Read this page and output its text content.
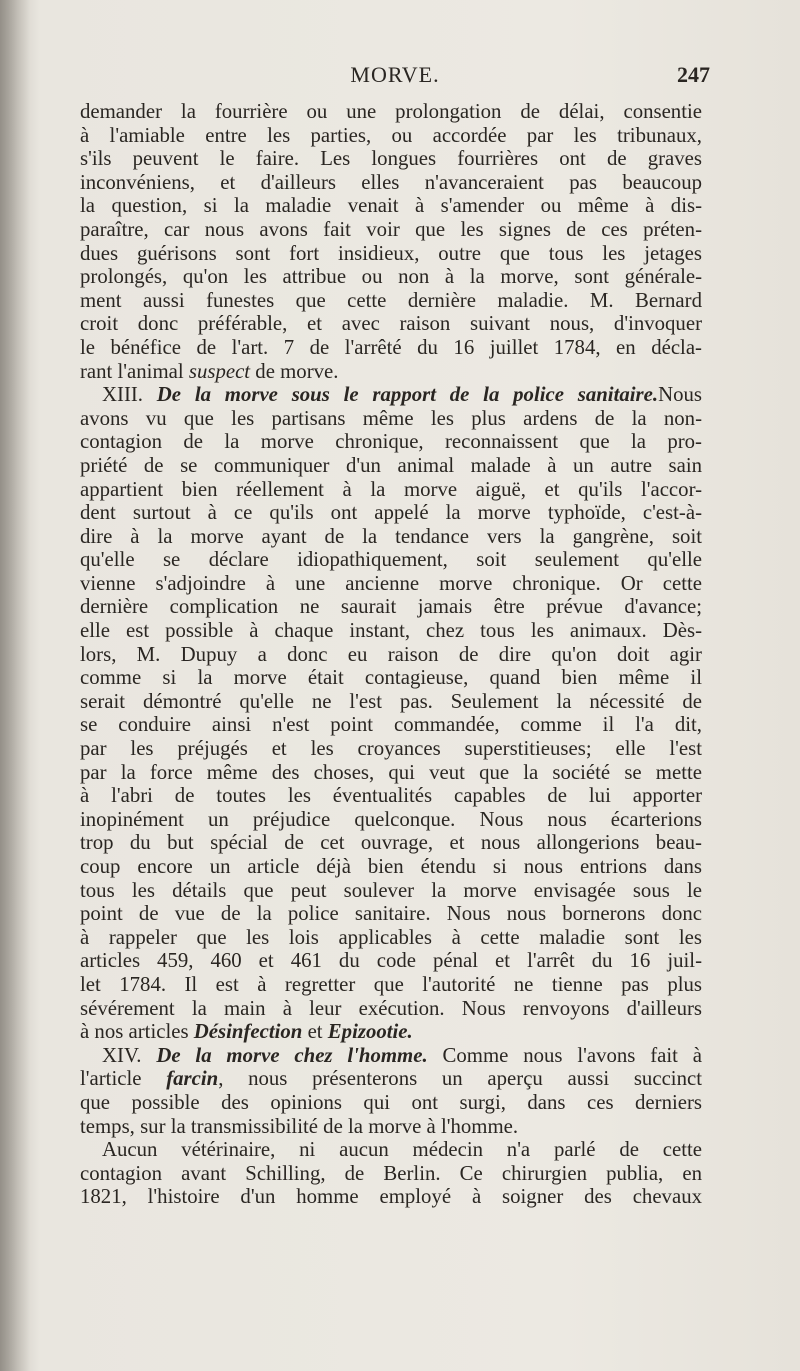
MORVE.	247
demander la fourrière ou une prolongation de délai, consentie
à l'amiable entre les parties, ou accordée par les tribunaux,
s'ils peuvent le faire. Les longues fourrières ont de graves
inconvéniens, et d'ailleurs elles n'avanceraient pas beaucoup
la question, si la maladie venait à s'amender ou même à dis-
paraître, car nous avons fait voir que les signes de ces préten-
dues guérisons sont fort insidieux, outre que tous les jetages
prolongés, qu'on les attribue ou non à la morve, sont générale-
ment aussi funestes que cette dernière maladie. M. Bernard
croit donc préférable, et avec raison suivant nous, d'invoquer
le bénéfice de l'art. 7 de l'arrêté du 16 juillet 1784, en décla-
rant l'animal suspect de morve.
XIII. De la morve sous le rapport de la police sanitaire.Nous
avons vu que les partisans même les plus ardens de la non-
contagion de la morve chronique, reconnaissent que la pro-
priété de se communiquer d'un animal malade à un autre sain
appartient bien réellement à la morve aiguë, et qu'ils l'accor-
dent surtout à ce qu'ils ont appelé la morve typhoïde, c'est-à-
dire à la morve ayant de la tendance vers la gangrène, soit
qu'elle se déclare idiopathiquement, soit seulement qu'elle
vienne s'adjoindre à une ancienne morve chronique. Or cette
dernière complication ne saurait jamais être prévue d'avance;
elle est possible à chaque instant, chez tous les animaux. Dès-
lors, M. Dupuy a donc eu raison de dire qu'on doit agir
comme si la morve était contagieuse, quand bien même il
serait démontré qu'elle ne l'est pas. Seulement la nécessité de
se conduire ainsi n'est point commandée, comme il l'a dit,
par les préjugés et les croyances superstitieuses; elle l'est
par la force même des choses, qui veut que la société se mette
à l'abri de toutes les éventualités capables de lui apporter
inopinément un préjudice quelconque. Nous nous écarterions
trop du but spécial de cet ouvrage, et nous allongerions beau-
coup encore un article déjà bien étendu si nous entrions dans
tous les détails que peut soulever la morve envisagée sous le
point de vue de la police sanitaire. Nous nous bornerons donc
à rappeler que les lois applicables à cette maladie sont les
articles 459, 460 et 461 du code pénal et l'arrêt du 16 juil-
let 1784. Il est à regretter que l'autorité ne tienne pas plus
sévérement la main à leur exécution. Nous renvoyons d'ailleurs
à nos articles Désinfection et Epizootie.
XIV. De la morve chez l'homme. Comme nous l'avons fait à
l'article farcin, nous présenterons un aperçu aussi succinct
que possible des opinions qui ont surgi, dans ces derniers
temps, sur la transmissibilité de la morve à l'homme.
Aucun vétérinaire, ni aucun médecin n'a parlé de cette
contagion avant Schilling, de Berlin. Ce chirurgien publia, en
1821, l'histoire d'un homme employé à soigner des chevaux
